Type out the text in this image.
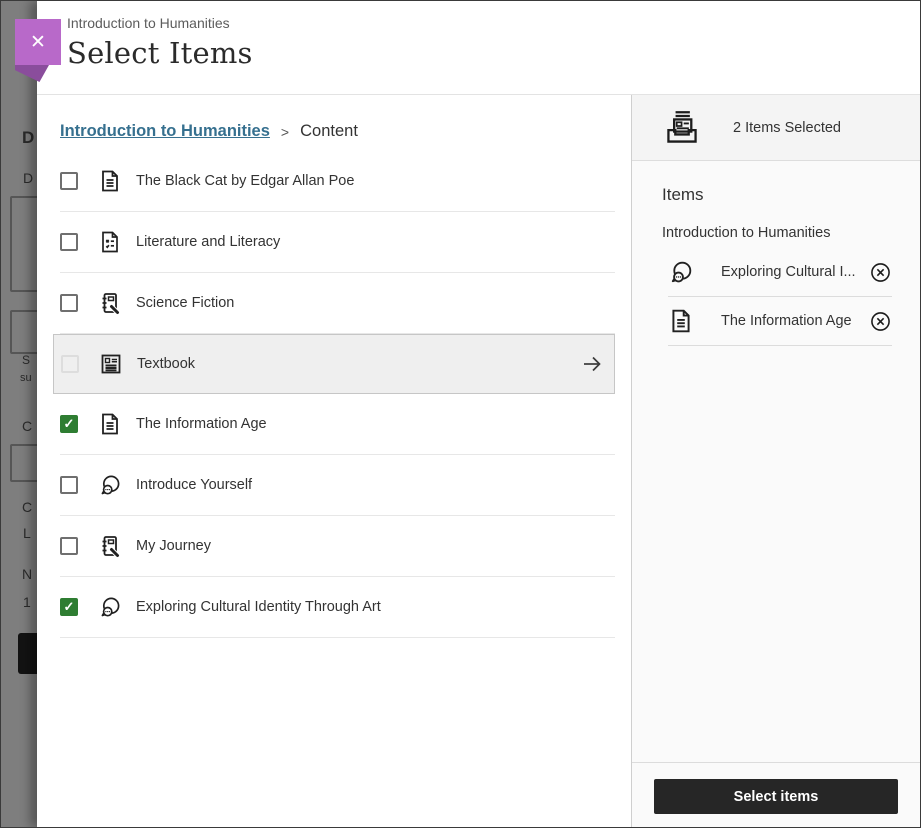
D
D
S
su
C
C
L
N
1
✕
Introduction to Humanities
Select Items
Introduction to Humanities > Content
The Black Cat by Edgar Allan Poe
Literature and Literacy
Science Fiction
Textbook
✓	The Information Age
Introduce Yourself
My Journey
✓	Exploring Cultural Identity Through Art
2 Items Selected
Items
Introduction to Humanities
Exploring Cultural I...
The Information Age
Select items
